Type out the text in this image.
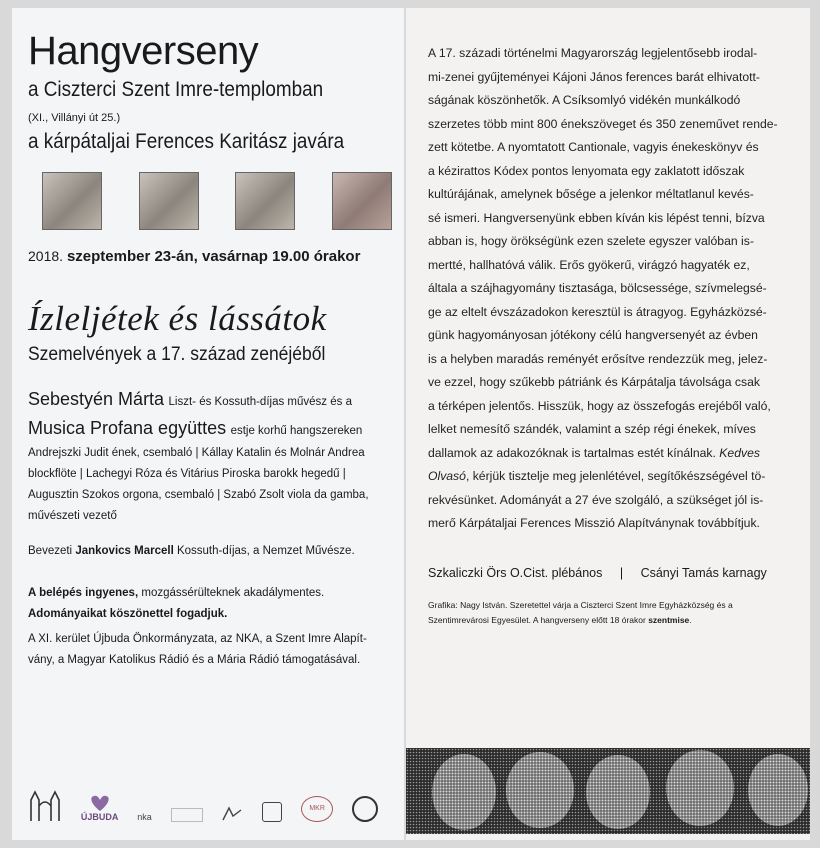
Hangverseny

a Ciszterci Szent Imre-templomban

(XI., Villányi út 25.)

a kárpátaljai Ferences Karitász javára

2018. szeptember 23-án, vasárnap 19.00 órakor
Ízleljétek és lássátok

Szemelvények a 17. század zenéjéből

Sebestyén Márta Liszt- és Kossuth-díjas művész és a
Musica Profana együttes estje korhű hangszereken
Andrejszki Judit ének, csembaló | Kállay Katalin és Molnár Andrea
blockflöte | Lachegyi Róza és Vitárius Piroska barokk hegedű |
Augusztin Szokos orgona, csembaló | Szabó Zsolt viola da gamba,
művészeti vezető
Bevezeti Jankovics Marcell Kossuth-díjas, a Nemzet Művésze.
A belépés ingyenes, mozgássérülteknek akadálymentes.
Adományaikat köszönettel fogadjuk.
A XI. kerület Újbuda Önkormányzata, az NKA, a Szent Imre Alapít-
vány, a Magyar Katolikus Rádió és a Mária Rádió támogatásával.
ÚJBUDA nka
MKR

A 17. századi történelmi Magyarország legjelentősebb irodal-

mi-zenei gyűjteményei Kájoni János ferences barát elhivatott-

ságának köszönhetők. A Csíksomlyó vidékén munkálkodó

szerzetes több mint 800 énekszöveget és 350 zeneművet rende-

zett kötetbe. A nyomtatott Cantionale, vagyis énekeskönyv és

a kézirattos Kódex pontos lenyomata egy zaklatott időszak

kultúrájának, amelynek bősége a jelenkor méltatlanul kevés-

sé ismeri. Hangversenyünk ebben kíván kis lépést tenni, bízva

abban is, hogy örökségünk ezen szelete egyszer valóban is-

mertté, hallhatóvá válik. Erős gyökerű, virágzó hagyaték ez,

általa a szájhagyomány tisztasága, bölcsessége, szívmelegsé-

ge az eltelt évszázadokon keresztül is átragyog. Egyházközsé-

günk hagyományosan jótékony célú hangversenyét az évben

is a helyben maradás reményét erősítve rendezzük meg, jelez-

ve ezzel, hogy szűkebb pátriánk és Kárpátalja távolsága csak

a térképen jelentős. Hisszük, hogy az összefogás erejéből való,

lelket nemesítő szándék, valamint a szép régi énekek, míves

dallamok az adakozóknak is tartalmas estét kínálnak. Kedves

Olvasó, kérjük tisztelje meg jelenlétével, segítőkészségével tö-

rekvésünket. Adományát a 27 éve szolgáló, a szükséget jól is-

merő Kárpátaljai Ferences Misszió Alapítványnak továbbítjuk.

Szkaliczki Örs O.Cist. plébános | Csányi Tamás karnagy
Grafika: Nagy István. Szeretettel várja a Ciszterci Szent Imre Egyházközség és a
Szentimrevárosi Egyesület. A hangverseny előtt 18 órakor szentmise.
